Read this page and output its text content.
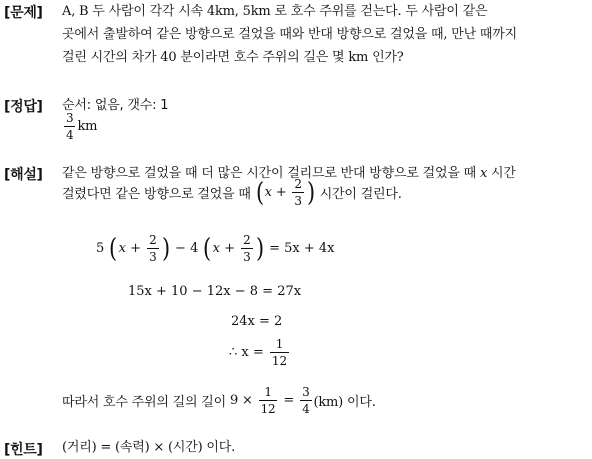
[문제] A, B 두 사람이 각각 시속 4km, 5km 로 호수 주위를 걷는다. 두 사람이 같은
곳에서 출발하여 같은 방향으로 걸었을 때와 반대 방향으로 걸었을 때, 만난 때까지
걸린 시간의 차가 40 분이라면 호수 주위의 길은 몇 km 인가?
[정답] 순서: 없음, 갯수: 1
$\frac{3}{4}$ km
[해설] 같은 방향으로 걸었을 때 더 많은 시간이 걸리므로 반대 방향으로 걸었을 때 x 시간
걸렸다면 같은 방향으로 걸었을 때 ($x + \frac{2}{3}$ ) 시간이 걸린다.
5 ($x + \frac{2}{3}$ ) − 4 ($x + \frac{2}{3}$ ) = 5x + 4x
15x + 10 − 12x − 8 = 27x
24x = 2
∴ $x = \frac{1}{12}$
따라서 호수 주위의 길의 길이 $9 \times \frac{1}{12} = \frac{3}{4} (km)$ 이다.
[힌트] (거리) = (속력) × (시간) 이다.
